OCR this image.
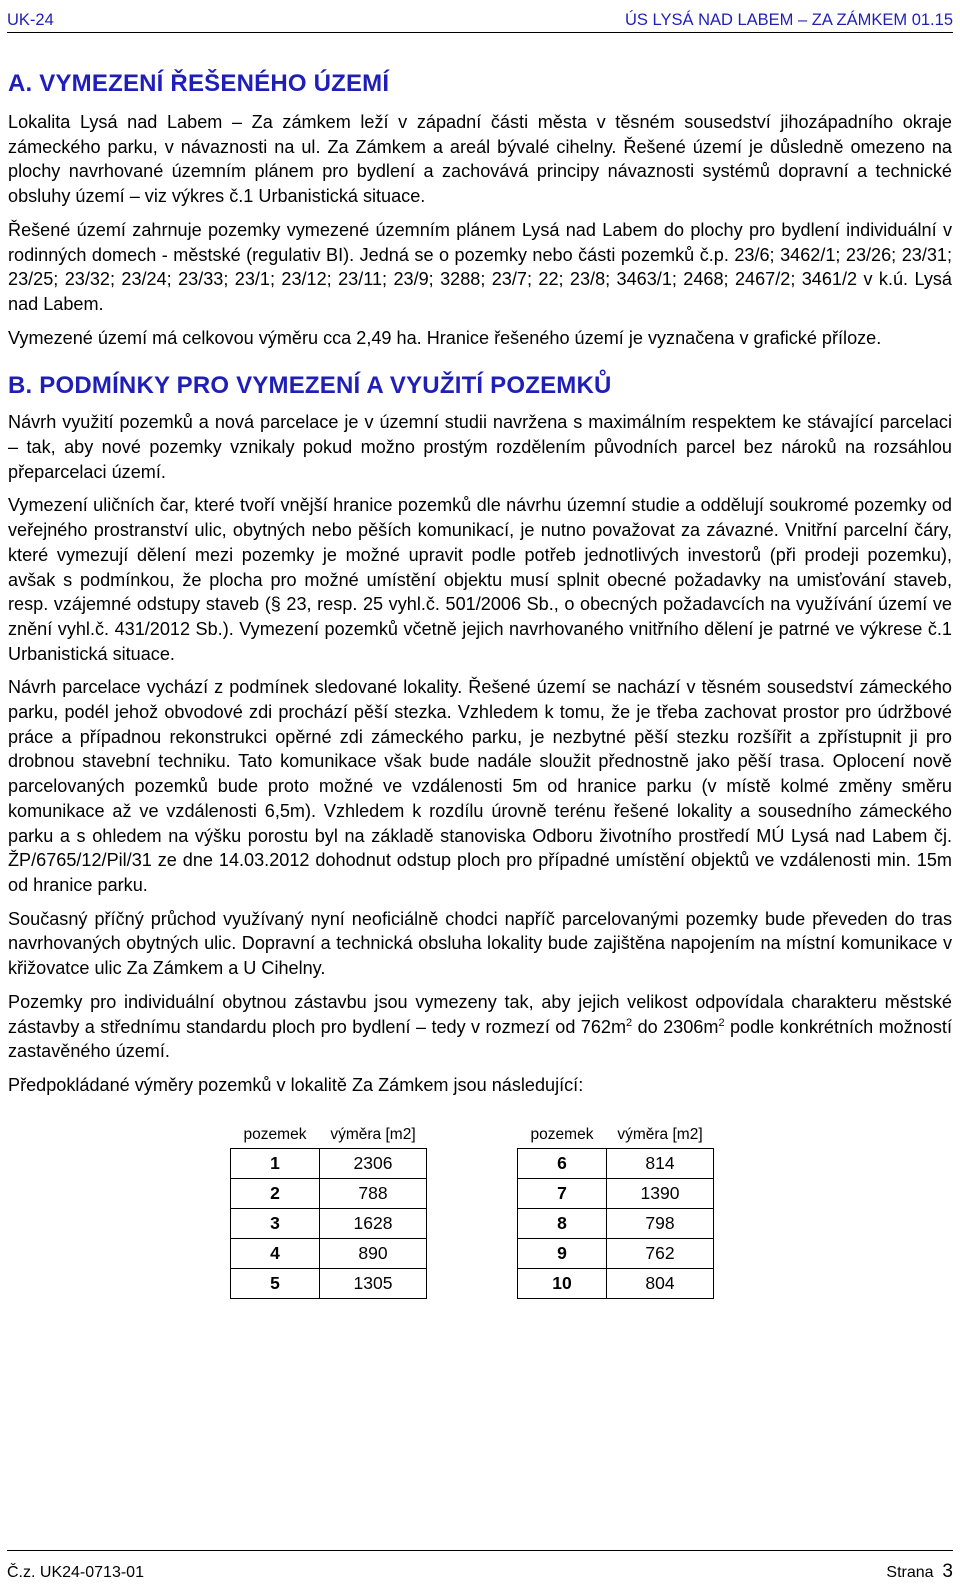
UK-24	ÚS LYSÁ NAD LABEM – ZA ZÁMKEM 01.15
A. VYMEZENÍ ŘEŠENÉHO ÚZEMÍ

Lokalita Lysá nad Labem – Za zámkem leží v západní části města v těsném sousedství jihozápadního okraje zámeckého parku, v návaznosti na ul. Za Zámkem a areál bývalé cihelny. Řešené území je důsledně omezeno na plochy navrhované územním plánem pro bydlení a zachovává principy návaznosti systémů dopravní a technické obsluhy území – viz výkres č.1 Urbanistická situace.

Řešené území zahrnuje pozemky vymezené územním plánem Lysá nad Labem do plochy pro bydlení individuální v rodinných domech - městské (regulativ BI). Jedná se o pozemky nebo části pozemků č.p. 23/6; 3462/1; 23/26; 23/31; 23/25; 23/32; 23/24; 23/33; 23/1; 23/12; 23/11; 23/9; 3288; 23/7; 22; 23/8; 3463/1; 2468; 2467/2; 3461/2 v k.ú. Lysá nad Labem.

Vymezené území má celkovou výměru cca 2,49 ha. Hranice řešeného území je vyznačena v grafické příloze.

B. PODMÍNKY PRO VYMEZENÍ A VYUŽITÍ POZEMKŮ

Návrh využití pozemků a nová parcelace je v územní studii navržena s maximálním respektem ke stávající parcelaci – tak, aby nové pozemky vznikaly pokud možno prostým rozdělením původních parcel bez nároků na rozsáhlou přeparcelaci území.

Vymezení uličních čar, které tvoří vnější hranice pozemků dle návrhu územní studie a oddělují soukromé pozemky od veřejného prostranství ulic, obytných nebo pěších komunikací, je nutno považovat za závazné. Vnitřní parcelní čáry, které vymezují dělení mezi pozemky je možné upravit podle potřeb jednotlivých investorů (při prodeji pozemku), avšak s podmínkou, že plocha pro možné umístění objektu musí splnit obecné požadavky na umisťování staveb, resp. vzájemné odstupy staveb (§ 23, resp. 25 vyhl.č. 501/2006 Sb., o obecných požadavcích na využívání území ve znění vyhl.č. 431/2012 Sb.). Vymezení pozemků včetně jejich navrhovaného vnitřního dělení je patrné ve výkrese č.1 Urbanistická situace.

Návrh parcelace vychází z podmínek sledované lokality. Řešené území se nachází v těsném sousedství zámeckého parku, podél jehož obvodové zdi prochází pěší stezka. Vzhledem k tomu, že je třeba zachovat prostor pro údržbové práce a případnou rekonstrukci opěrné zdi zámeckého parku, je nezbytné pěší stezku rozšířit a zpřístupnit ji pro drobnou stavební techniku. Tato komunikace však bude nadále sloužit přednostně jako pěší trasa. Oplocení nově parcelovaných pozemků bude proto možné ve vzdálenosti 5m od hranice parku (v místě kolmé změny směru komunikace až ve vzdálenosti 6,5m). Vzhledem k rozdílu úrovně terénu řešené lokality a sousedního zámeckého parku a s ohledem na výšku porostu byl na základě stanoviska Odboru životního prostředí MÚ Lysá nad Labem čj. ŽP/6765/12/Pil/31 ze dne 14.03.2012 dohodnut odstup ploch pro případné umístění objektů ve vzdálenosti min. 15m od hranice parku.

Současný příčný průchod využívaný nyní neoficiálně chodci napříč parcelovanými pozemky bude převeden do tras navrhovaných obytných ulic. Dopravní a technická obsluha lokality bude zajištěna napojením na místní komunikace v křižovatce ulic Za Zámkem a U Cihelny.

Pozemky pro individuální obytnou zástavbu jsou vymezeny tak, aby jejich velikost odpovídala charakteru městské zástavby a střednímu standardu ploch pro bydlení – tedy v rozmezí od $762m^2$ do $2306m^2$ podle konkrétních možností zastavěného území.

Předpokládané výměry pozemků v lokalitě Za Zámkem jsou následující:

pozemek	výměra [m2]
1	2306
2	788
3	1628
4	890
5	1305
pozemek	výměra [m2]
6	814
7	1390
8	798
9	762
10	804
Č.z. UK24-0713-01	Strana 3
